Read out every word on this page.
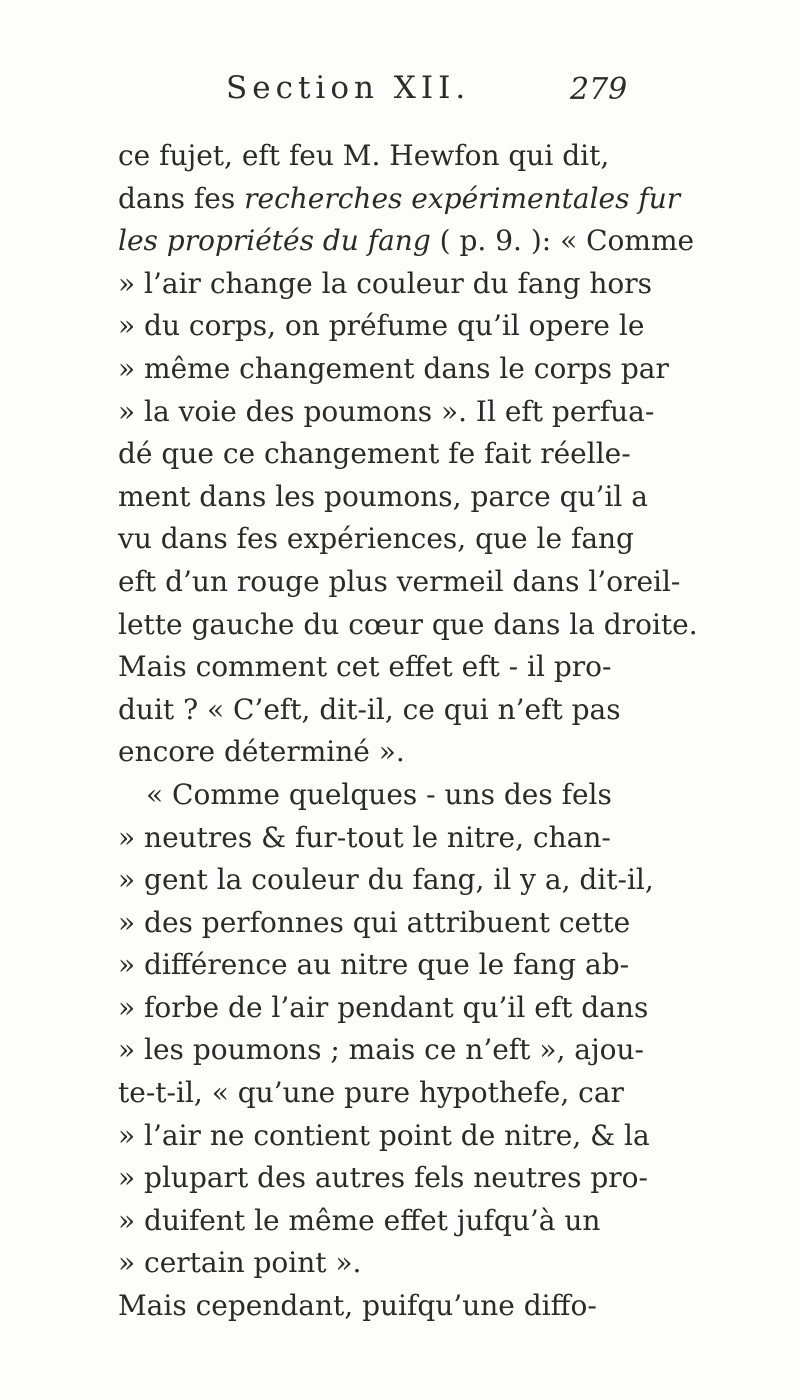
Section XII.	279
ce fujet, eft feu M. Hewfon qui dit,
dans fes recherches expérimentales fur
les propriétés du fang ( p. 9. ): « Comme
» l’air change la couleur du fang hors
» du corps, on préfume qu’il opere le
» même changement dans le corps par
» la voie des poumons ». Il eft perfua-
dé que ce changement fe fait réelle-
ment dans les poumons, parce qu’il a
vu dans fes expériences, que le fang
eft d’un rouge plus vermeil dans l’oreil-
lette gauche du cœur que dans la droite.
Mais comment cet effet eft - il pro-
duit ? « C’eft, dit-il, ce qui n’eft pas
encore déterminé ».
« Comme quelques - uns des fels
» neutres & fur-tout le nitre, chan-
» gent la couleur du fang, il y a, dit-il,
» des perfonnes qui attribuent cette
» différence au nitre que le fang ab-
» forbe de l’air pendant qu’il eft dans
» les poumons ; mais ce n’eft », ajou-
te-t-il, « qu’une pure hypothefe, car
» l’air ne contient point de nitre, & la
» plupart des autres fels neutres pro-
» duifent le même effet jufqu’à un
» certain point ».
Mais cependant, puifqu’une diffo-
